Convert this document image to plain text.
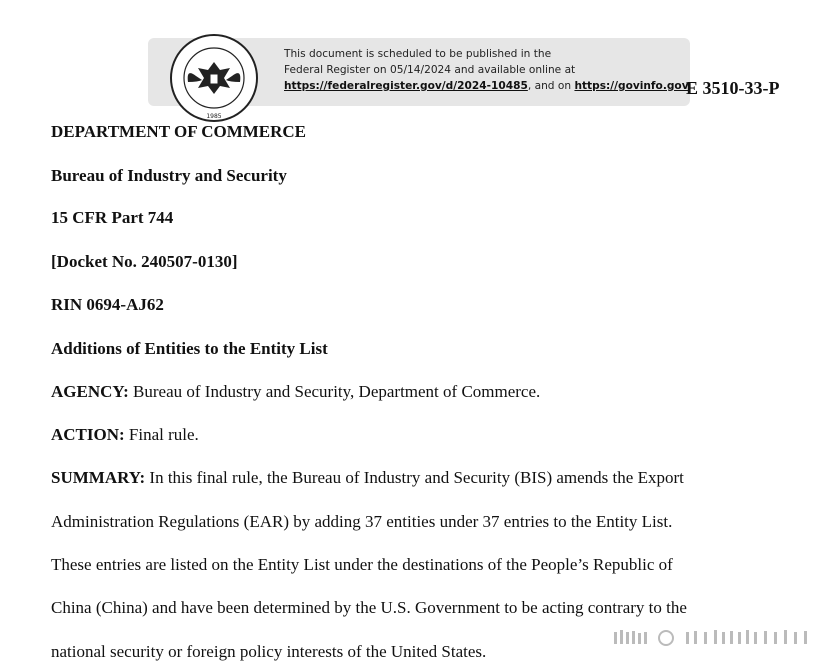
1985
This document is scheduled to be published in the
Federal Register on 05/14/2024 and available online at
https://federalregister.gov/d/2024-10485, and on https://govinfo.gov
E 3510-33-P
DEPARTMENT OF COMMERCE
Bureau of Industry and Security
15 CFR Part 744
[Docket No. 240507-0130]
RIN 0694-AJ62
Additions of Entities to the Entity List
AGENCY: Bureau of Industry and Security, Department of Commerce.
ACTION: Final rule.
SUMMARY: In this final rule, the Bureau of Industry and Security (BIS) amends the Export
Administration Regulations (EAR) by adding 37 entities under 37 entries to the Entity List.
These entries are listed on the Entity List under the destinations of the People’s Republic of
China (China) and have been determined by the U.S. Government to be acting contrary to the
national security or foreign policy interests of the United States.
